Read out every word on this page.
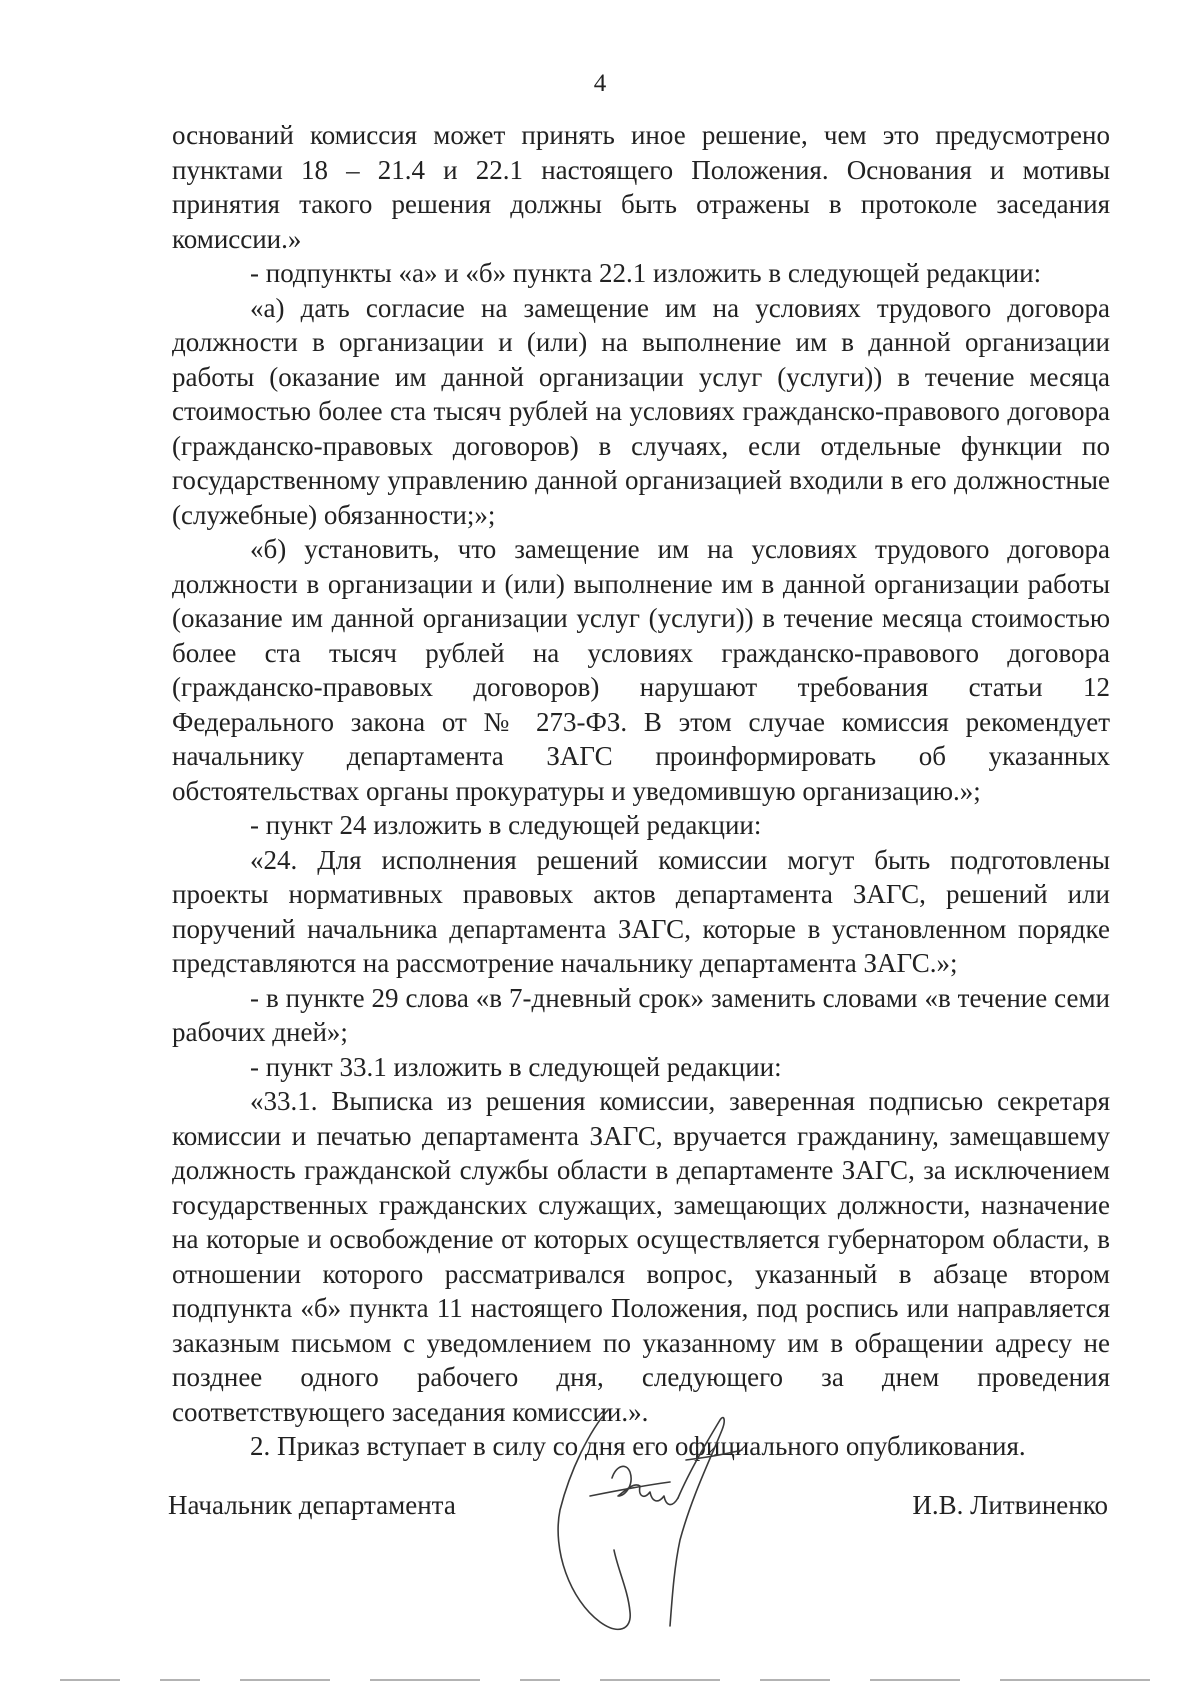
4

оснований комиссия может принять иное решение, чем это предусмотрено пунктами 18 – 21.4 и 22.1 настоящего Положения. Основания и мотивы принятия такого решения должны быть отражены в протоколе заседания комиссии.»

- подпункты «а» и «б» пункта 22.1 изложить в следующей редакции:

«а) дать согласие на замещение им на условиях трудового договора должности в организации и (или) на выполнение им в данной организации работы (оказание им данной организации услуг (услуги)) в течение месяца стоимостью более ста тысяч рублей на условиях гражданско-правового договора (гражданско-правовых договоров) в случаях, если отдельные функции по государственному управлению данной организацией входили в его должностные (служебные) обязанности;»;

«б) установить, что замещение им на условиях трудового договора должности в организации и (или) выполнение им в данной организации работы (оказание им данной организации услуг (услуги)) в течение месяца стоимостью более ста тысяч рублей на условиях гражданско-правового договора (гражданско-правовых договоров) нарушают требования статьи 12 Федерального закона от № 273-ФЗ. В этом случае комиссия рекомендует начальнику департамента ЗАГС проинформировать об указанных обстоятельствах органы прокуратуры и уведомившую организацию.»;

- пункт 24 изложить в следующей редакции:

«24. Для исполнения решений комиссии могут быть подготовлены проекты нормативных правовых актов департамента ЗАГС, решений или поручений начальника департамента ЗАГС, которые в установленном порядке представляются на рассмотрение начальнику департамента ЗАГС.»;

- в пункте 29 слова «в 7-дневный срок» заменить словами «в течение семи рабочих дней»;

- пункт 33.1 изложить в следующей редакции:

«33.1. Выписка из решения комиссии, заверенная подписью секретаря комиссии и печатью департамента ЗАГС, вручается гражданину, замещавшему должность гражданской службы области в департаменте ЗАГС, за исключением государственных гражданских служащих, замещающих должности, назначение на которые и освобождение от которых осуществляется губернатором области, в отношении которого рассматривался вопрос, указанный в абзаце втором подпункта «б» пункта 11 настоящего Положения, под роспись или направляется заказным письмом с уведомлением по указанному им в обращении адресу не позднее одного рабочего дня, следующего за днем проведения соответствующего заседания комиссии.».

2. Приказ вступает в силу со дня его официального опубликования.

Начальник департамента	И.В. Литвиненко
